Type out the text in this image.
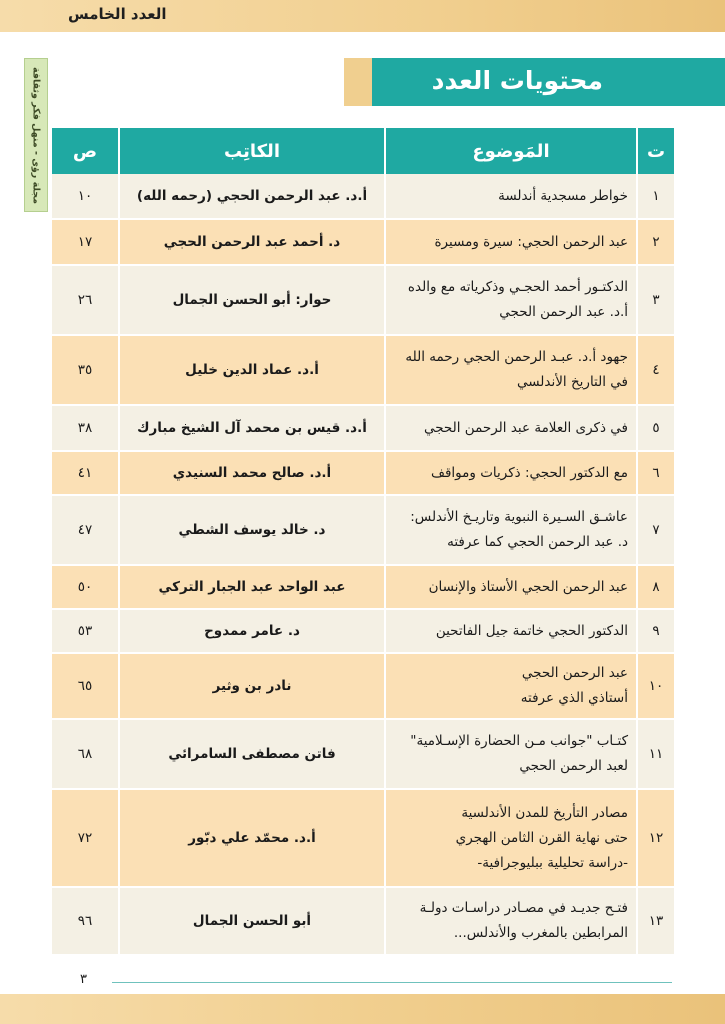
العدد الخامس
مجلة رؤى - منهل فكر وثقافة	محتويات العدد
ت	المَوضوع	الكاتِب	ص
١	خواطر مسجدية أندلسة	أ.د. عبد الرحمن الحجي (رحمه الله)	١٠
٢	عبد الرحمن الحجي: سيرة ومسيرة	د. أحمد عبد الرحمن الحجي	١٧
٣	الدكتـور أحمد الحجـي وذكرياته مع والده
أ.د. عبد الرحمن الحجي	حوار: أبو الحسن الجمال	٢٦
٤	جهود أ.د. عبـد الرحمن الحجي رحمه الله
في التاريخ الأندلسي	أ.د. عماد الدين خليل	٣٥
٥	في ذكرى العلامة عبد الرحمن الحجي	أ.د. قيس بن محمد آل الشيخ مبارك	٣٨
٦	مع الدكتور الحجي: ذكريات ومواقف	أ.د. صالح محمد السنيدي	٤١
٧	عاشـق السـيرة النبوية وتاريـخ الأندلس:
د. عبد الرحمن الحجي كما عرفته	د. خالد يوسف الشطي	٤٧
٨	عبد الرحمن الحجي الأستاذ والإنسان	عبد الواحد عبد الجبار التركي	٥٠
٩	الدكتور الحجي خاتمة جيل الفاتحين	د. عامر ممدوح	٥٣
١٠	عبد الرحمن الحجي
أستاذي الذي عرفته	نادر بن وثير	٦٥
١١	كتـاب "جوانب مـن الحضارة الإسـلامية"
لعبد الرحمن الحجي	فاتن مصطفى السامرائي	٦٨
١٢	مصادر التأريخ للمدن الأندلسية
حتى نهاية القرن الثامن الهجري
-دراسة تحليلية ببليوجرافية-	أ.د. محمّد علي دبّور	٧٢
١٣	فتـح جديـد في مصـادر دراسـات دولـة
المرابطين بالمغرب والأندلس...	أبو الحسن الجمال	٩٦
٣
